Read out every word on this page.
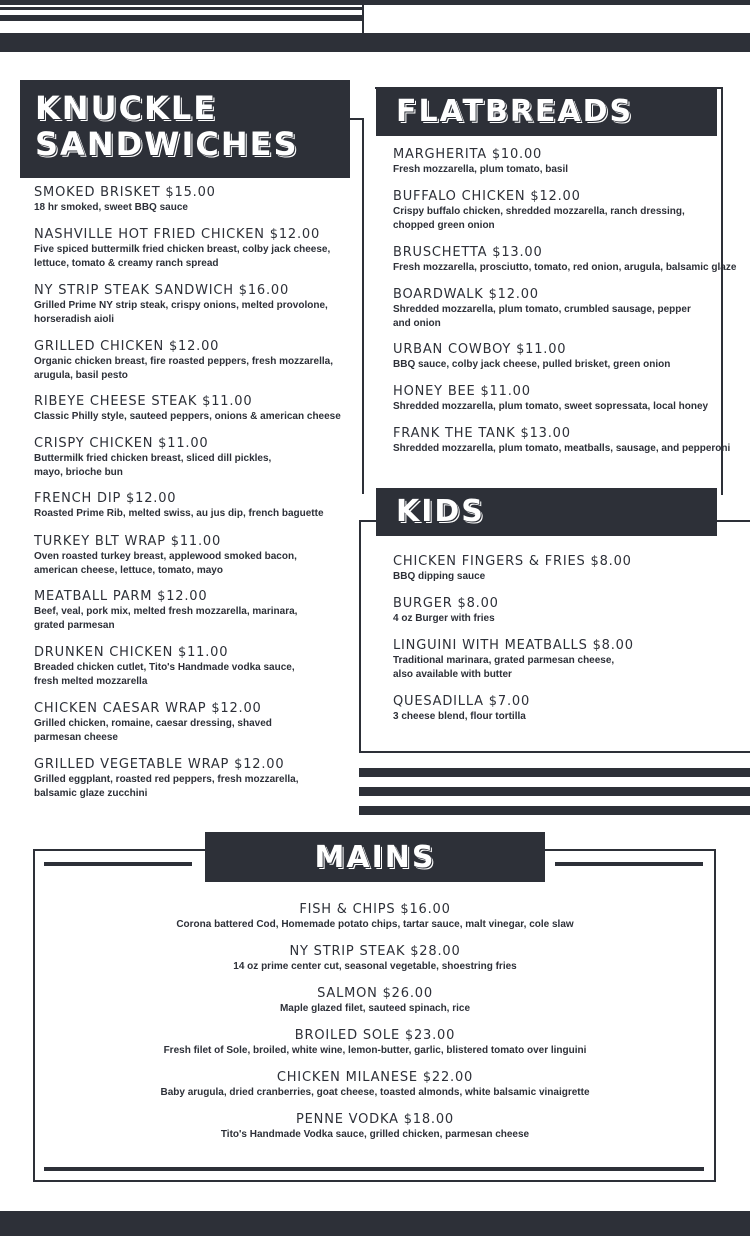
KNUCKLE
SANDWICHES
SMOKED BRISKET $15.00
18 hr smoked, sweet BBQ sauce
NASHVILLE HOT FRIED CHICKEN $12.00
Five spiced buttermilk fried chicken breast, colby jack cheese,
lettuce, tomato & creamy ranch spread
NY STRIP STEAK SANDWICH $16.00
Grilled Prime NY strip steak, crispy onions, melted provolone,
horseradish aioli
GRILLED CHICKEN $12.00
Organic chicken breast, fire roasted peppers, fresh mozzarella,
arugula, basil pesto
RIBEYE CHEESE STEAK $11.00
Classic Philly style, sauteed peppers, onions & american cheese
CRISPY CHICKEN $11.00
Buttermilk fried chicken breast, sliced dill pickles,
mayo, brioche bun
FRENCH DIP $12.00
Roasted Prime Rib, melted swiss, au jus dip, french baguette
TURKEY BLT WRAP $11.00
Oven roasted turkey breast, applewood smoked bacon,
american cheese, lettuce, tomato, mayo
MEATBALL PARM $12.00
Beef, veal, pork mix, melted fresh mozzarella, marinara,
grated parmesan
DRUNKEN CHICKEN $11.00
Breaded chicken cutlet, Tito's Handmade vodka sauce,
fresh melted mozzarella
CHICKEN CAESAR WRAP $12.00
Grilled chicken, romaine, caesar dressing, shaved
parmesan cheese
GRILLED VEGETABLE WRAP $12.00
Grilled eggplant, roasted red peppers, fresh mozzarella,
balsamic glaze zucchini
FLATBREADS
MARGHERITA $10.00
Fresh mozzarella, plum tomato, basil
BUFFALO CHICKEN $12.00
Crispy buffalo chicken, shredded mozzarella, ranch dressing,
chopped green onion
BRUSCHETTA $13.00
Fresh mozzarella, prosciutto, tomato, red onion, arugula, balsamic glaze
BOARDWALK $12.00
Shredded mozzarella, plum tomato, crumbled sausage, pepper
and onion
URBAN COWBOY $11.00
BBQ sauce, colby jack cheese, pulled brisket, green onion
HONEY BEE $11.00
Shredded mozzarella, plum tomato, sweet sopressata, local honey
FRANK THE TANK $13.00
Shredded mozzarella, plum tomato, meatballs, sausage, and pepperoni
KIDS
CHICKEN FINGERS & FRIES $8.00
BBQ dipping sauce
BURGER $8.00
4 oz Burger with fries
LINGUINI WITH MEATBALLS $8.00
Traditional marinara, grated parmesan cheese,
also available with butter
QUESADILLA $7.00
3 cheese blend, flour tortilla
MAINS
FISH & CHIPS $16.00
Corona battered Cod, Homemade potato chips, tartar sauce, malt vinegar, cole slaw
NY STRIP STEAK $28.00
14 oz prime center cut, seasonal vegetable, shoestring fries
SALMON $26.00
Maple glazed filet, sauteed spinach, rice
BROILED SOLE $23.00
Fresh filet of Sole, broiled, white wine, lemon-butter, garlic, blistered tomato over linguini
CHICKEN MILANESE $22.00
Baby arugula, dried cranberries, goat cheese, toasted almonds, white balsamic vinaigrette
PENNE VODKA $18.00
Tito's Handmade Vodka sauce, grilled chicken, parmesan cheese
